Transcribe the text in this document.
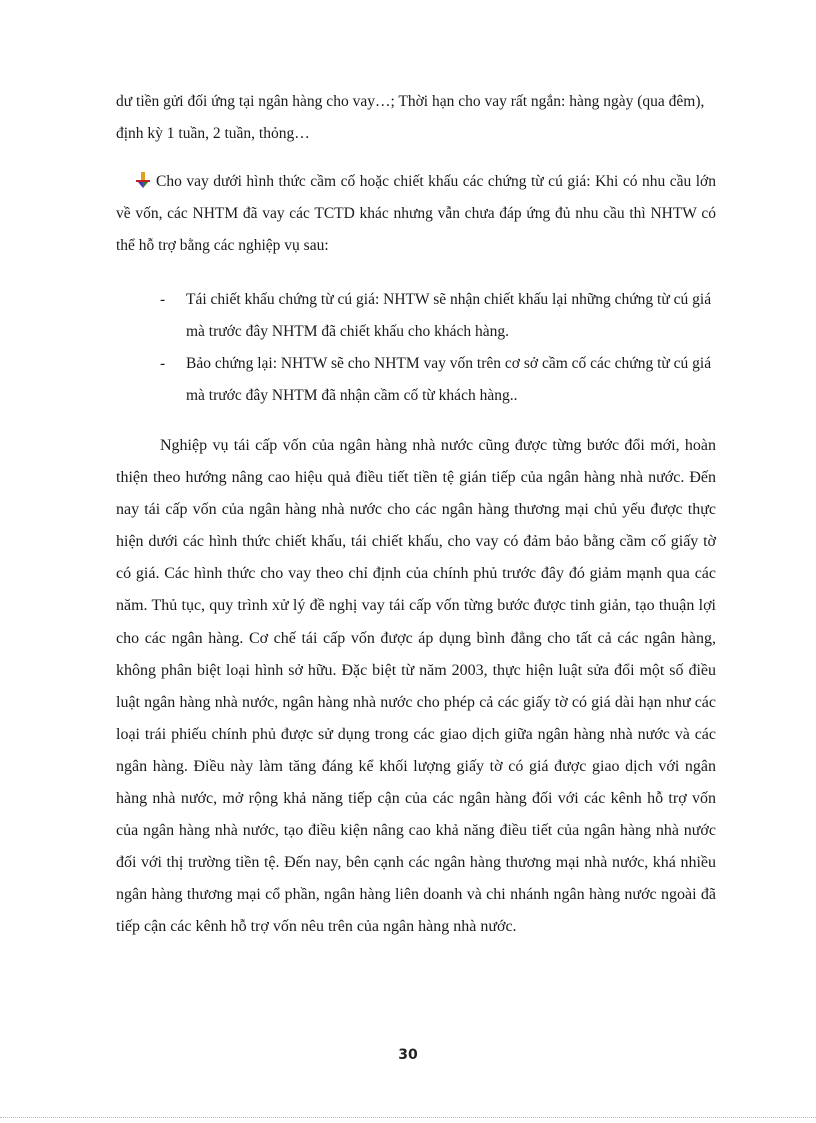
dư tiền gửi đối ứng tại ngân hàng cho vay…; Thời hạn cho vay rất ngắn: hàng ngày (qua đêm), định kỳ 1 tuần, 2 tuần, thỏng…

Cho vay dưới hình thức cầm cố hoặc chiết khấu các chứng từ cú giá: Khi có nhu cầu lớn về vốn, các NHTM đã vay các TCTD khác nhưng vẫn chưa đáp ứng đủ nhu cầu thì NHTW có thể hỗ trợ bằng các nghiệp vụ sau:

- Tái chiết khấu chứng từ cú giá: NHTW sẽ nhận chiết khấu lại những chứng từ cú giá mà trước đây NHTM đã chiết khấu cho khách hàng.
- Bảo chứng lại: NHTW sẽ cho NHTM vay vốn trên cơ sở cầm cố các chứng từ cú giá mà trước đây NHTM đã nhận cầm cố từ khách hàng..

Nghiệp vụ tái cấp vốn của ngân hàng nhà nước cũng được từng bước đổi mới, hoàn thiện theo hướng nâng cao hiệu quả điều tiết tiền tệ gián tiếp của ngân hàng nhà nước. Đến nay tái cấp vốn của ngân hàng nhà nước cho các ngân hàng thương mại chủ yếu được thực hiện dưới các hình thức chiết khấu, tái chiết khấu, cho vay có đảm bảo bằng cầm cố giấy tờ có giá. Các hình thức cho vay theo chỉ định của chính phủ trước đây đó giảm mạnh qua các năm. Thủ tục, quy trình xử lý đề nghị vay tái cấp vốn từng bước được tinh giản, tạo thuận lợi cho các ngân hàng. Cơ chế tái cấp vốn được áp dụng bình đẳng cho tất cả các ngân hàng, không phân biệt loại hình sở hữu. Đặc biệt từ năm 2003, thực hiện luật sửa đổi một số điều luật ngân hàng nhà nước, ngân hàng nhà nước cho phép cả các giấy tờ có giá dài hạn như các loại trái phiếu chính phủ được sử dụng trong các giao dịch giữa ngân hàng nhà nước và các ngân hàng. Điều này làm tăng đáng kể khối lượng giấy tờ có giá được giao dịch với ngân hàng nhà nước, mở rộng khả năng tiếp cận của các ngân hàng đối với các kênh hỗ trợ vốn của ngân hàng nhà nước, tạo điều kiện nâng cao khả năng điều tiết của ngân hàng nhà nước đối với thị trường tiền tệ. Đến nay, bên cạnh các ngân hàng thương mại nhà nước, khá nhiều ngân hàng thương mại cổ phần, ngân hàng liên doanh và chi nhánh ngân hàng nước ngoài đã tiếp cận các kênh hỗ trợ vốn nêu trên của ngân hàng nhà nước.

30
